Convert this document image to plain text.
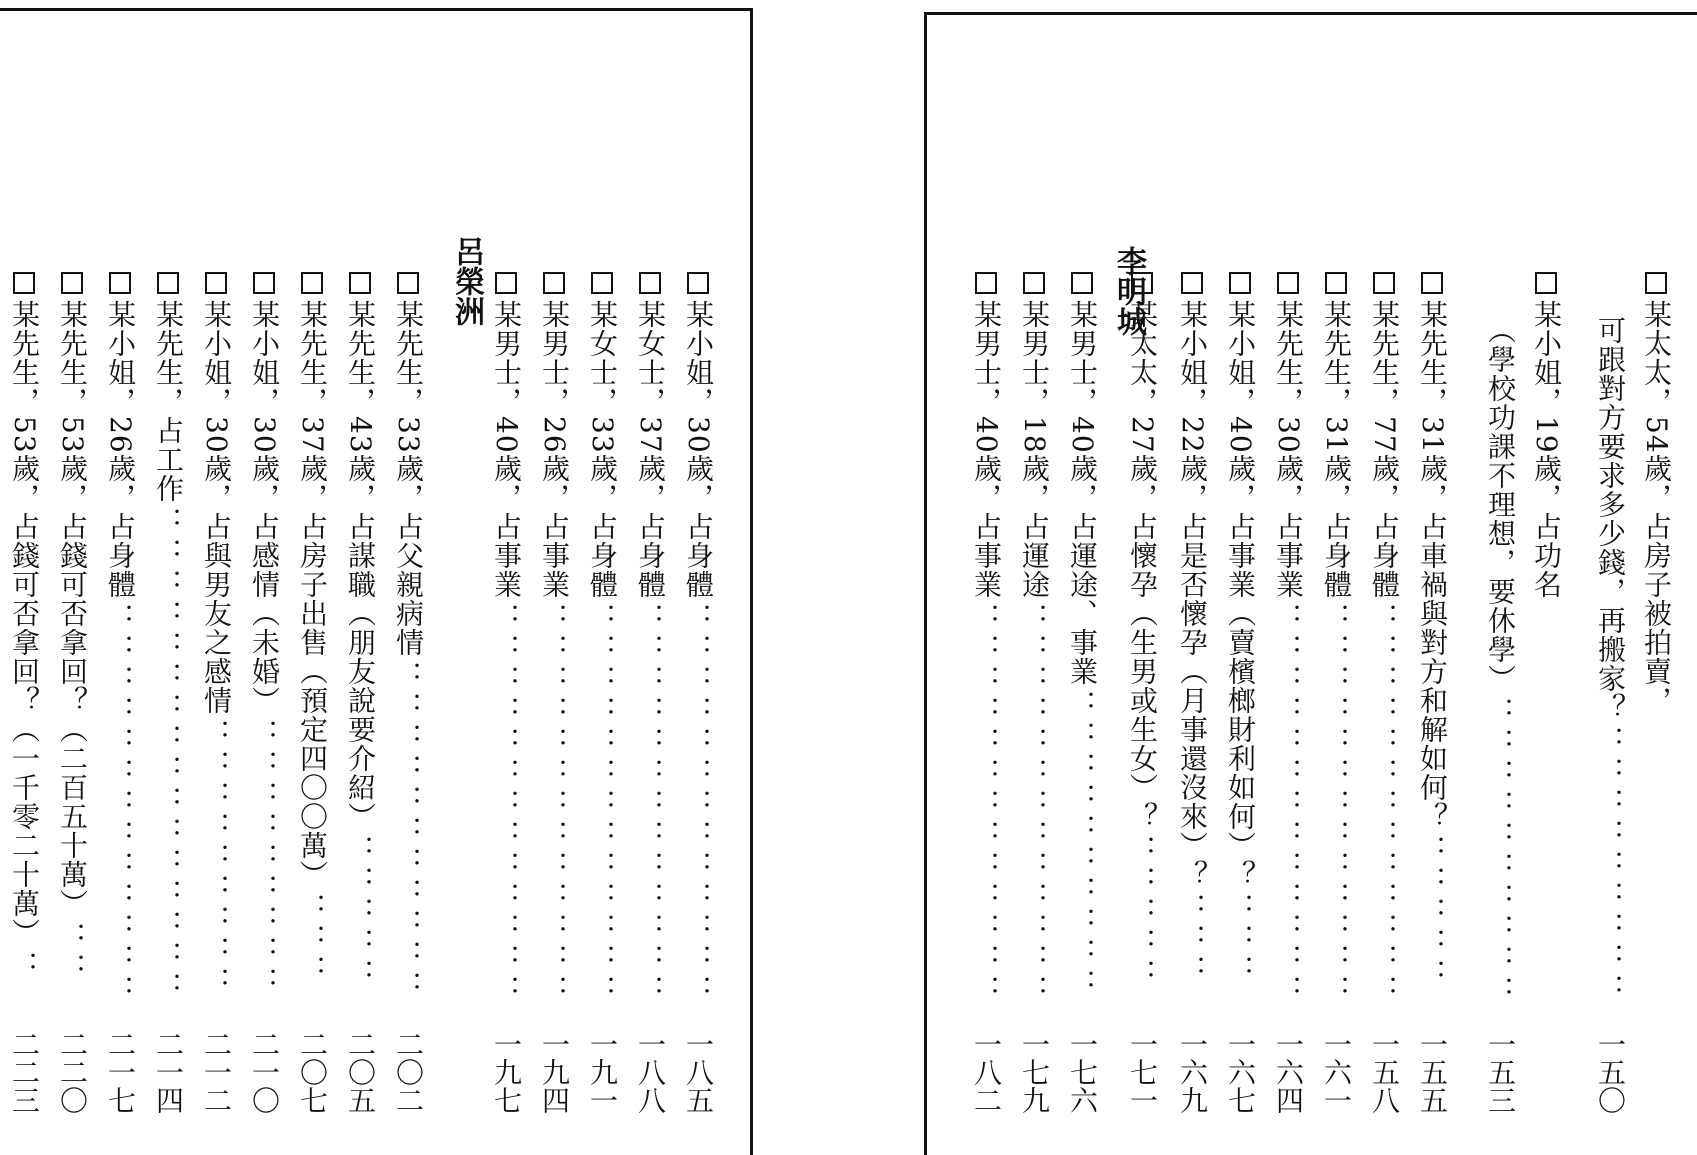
某小姐，30歲，占身體
：：：：：：：：：：：：：
一八五
某女士，37歲，占身體
：：：：：：：：：：：：：
一八八
某女士，33歲，占身體
：：：：：：：：：：：：：
一九一
某男士，26歲，占事業
：：：：：：：：：：：：：
一九四
某男士，40歲，占事業
：：：：：：：：：：：：：
一九七
呂榮洲
某先生，33歲，占父親病情
：：：：：：：：：：：
二〇二
某先生，43歲，占謀職（朋友說要介紹）
：：：：：
二〇五
某先生，37歲，占房子出售（預定四〇〇萬）
：：：
二〇七
某小姐，30歲，占感情（未婚）
：：：：：：：：：
二一〇
某小姐，30歲，占與男友之感情
：：：：：：：：：
二一二
某先生，占工作
：：：：：：：：：：：：：：：：
二一四
某小姐，26歲，占身體
：：：：：：：：：：：：：
二一七
某先生，53歲，占錢可否拿回？（二百五十萬）
：：
二二〇
某先生，53歲，占錢可否拿回？（一千零二十萬）
：
二二三
某太太，54歲，占房子被拍賣，
：：：：：：：：：
可跟對方要求多少錢，再搬家？
一五〇
某小姐，19歲，占功名
：：：：：：：：：：
（學校功課不理想，要休學）
一五三
某先生，31歲，占車禍與對方和解如何？
：：：：：
一五五
某先生，77歲，占身體
：：：：：：：：：：：：：
一五八
某先生，31歲，占身體
：：：：：：：：：：：：：
一六一
某先生，30歲，占事業
：：：：：：：：：：：：：
一六四
某小姐，40歲，占事業（賣檳榔財利如何）？
：：：
一六七
某小姐，22歲，占是否懷孕（月事還沒來）？
：：：
一六九
某太太，27歲，占懷孕（生男或生女）？
：：：：：
一七一
李明城
某男士，40歲，占運途、事業
：：：：：：：：：：
一七六
某男士，18歲，占運途
：：：：：：：：：：：：：
一七九
某男士，40歲，占事業
：：：：：：：：：：：：：
一八二
